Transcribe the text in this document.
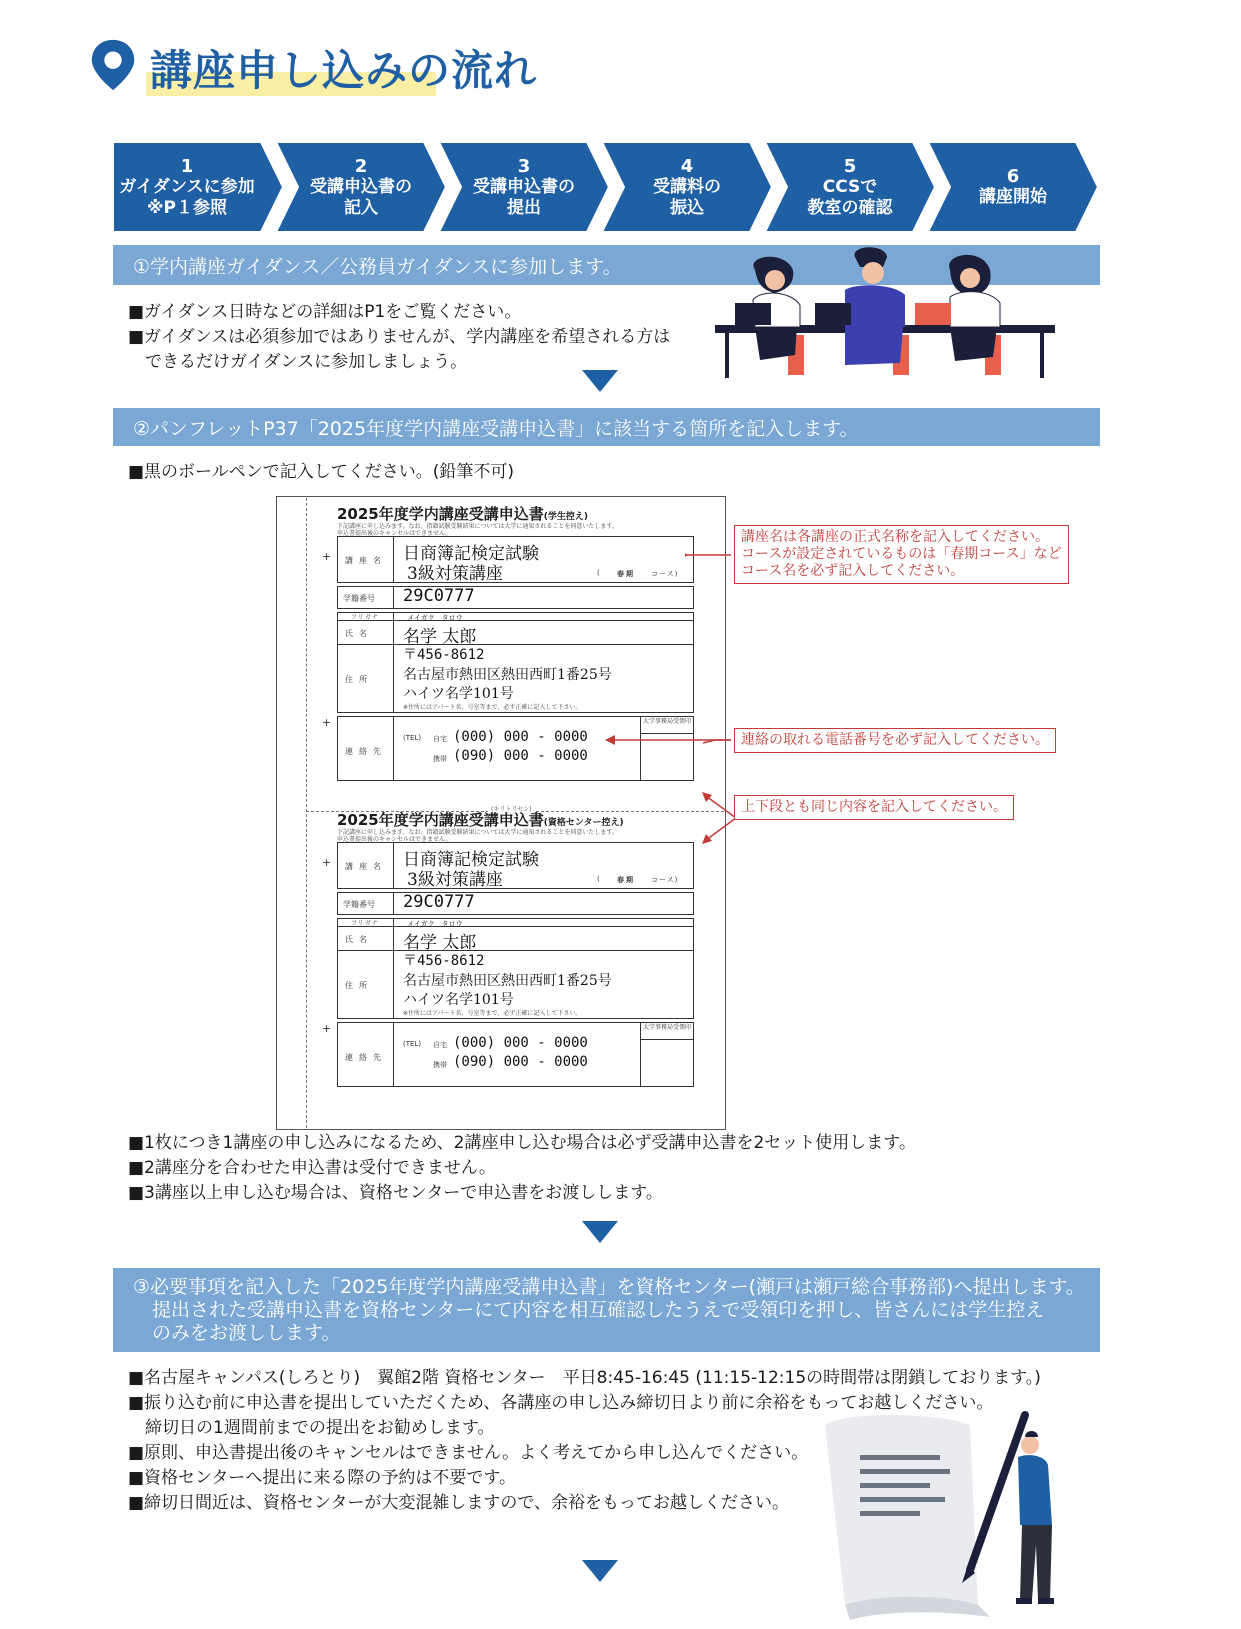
講座申し込みの流れ
1
ガイダンスに参加
※P１参照
2
受講申込書の
記入
3
受講申込書の
提出
4
受講料の
振込
5
CCSで
教室の確認
6
講座開始
①学内講座ガイダンス／公務員ガイダンスに参加します。
■ガイダンス日時などの詳細はP1をご覧ください。
■ガイダンスは必須参加ではありませんが、学内講座を希望される方は
　できるだけガイダンスに参加しましょう。
②パンフレットP37「2025年度学内講座受講申込書」に該当する箇所を記入します。
■黒のボールペンで記入してください。(鉛筆不可)
(キリトリセン)
2025年度学内講座受講申込書(学生控え)
下記講座に申し込みます。なお、指籍試験受験結果については大学に通知されることを同意いたします。
申込書提出後のキャンセルはできません。
講座名
学籍番号
フリガナ
氏名
住所
連絡先
大学事務局受領印
+
+
日商簿記検定試験
3級対策講座	( 春期 コース)
29C0777
メイガク　タロウ
名学 太郎
〒456-8612
名古屋市熱田区熱田西町1番25号
ハイツ名学101号
※住所にはアパート名、号室等まで、必ず正確に記入して下さい。
(TEL) 自宅
携帯
(000) 000 - 0000
(090) 000 - 0000
2025年度学内講座受講申込書(資格センター控え)
下記講座に申し込みます。なお、指籍試験受験結果については大学に通知されることを同意いたします。
申込書提出後のキャンセルはできません。
講座名
学籍番号
フリガナ
氏名
住所
連絡先
大学事務局受領印
+
+
日商簿記検定試験
3級対策講座	( 春期 コース)
29C0777
メイガク　タロウ
名学 太郎
〒456-8612
名古屋市熱田区熱田西町1番25号
ハイツ名学101号
※住所にはアパート名、号室等まで、必ず正確に記入して下さい。
(TEL) 自宅
携帯
(000) 000 - 0000
(090) 000 - 0000
講座名は各講座の正式名称を記入してください。
コースが設定されているものは「春期コース」など
コース名を必ず記入してください。
連絡の取れる電話番号を必ず記入してください。
上下段とも同じ内容を記入してください。
■1枚につき1講座の申し込みになるため、2講座申し込む場合は必ず受講申込書を2セット使用します。
■2講座分を合わせた申込書は受付できません。
■3講座以上申し込む場合は、資格センターで申込書をお渡しします。
③必要事項を記入した「2025年度学内講座受講申込書」を資格センター(瀬戸は瀬戸総合事務部)へ提出します。
　提出された受講申込書を資格センターにて内容を相互確認したうえで受領印を押し、皆さんには学生控え
　のみをお渡しします。
■名古屋キャンパス(しろとり)　翼館2階 資格センター　平日8:45-16:45 (11:15-12:15の時間帯は閉鎖しております。)
■振り込む前に申込書を提出していただくため、各講座の申し込み締切日より前に余裕をもってお越しください。
　締切日の1週間前までの提出をお勧めします。
■原則、申込書提出後のキャンセルはできません。よく考えてから申し込んでください。
■資格センターへ提出に来る際の予約は不要です。
■締切日間近は、資格センターが大変混雑しますので、余裕をもってお越しください。
